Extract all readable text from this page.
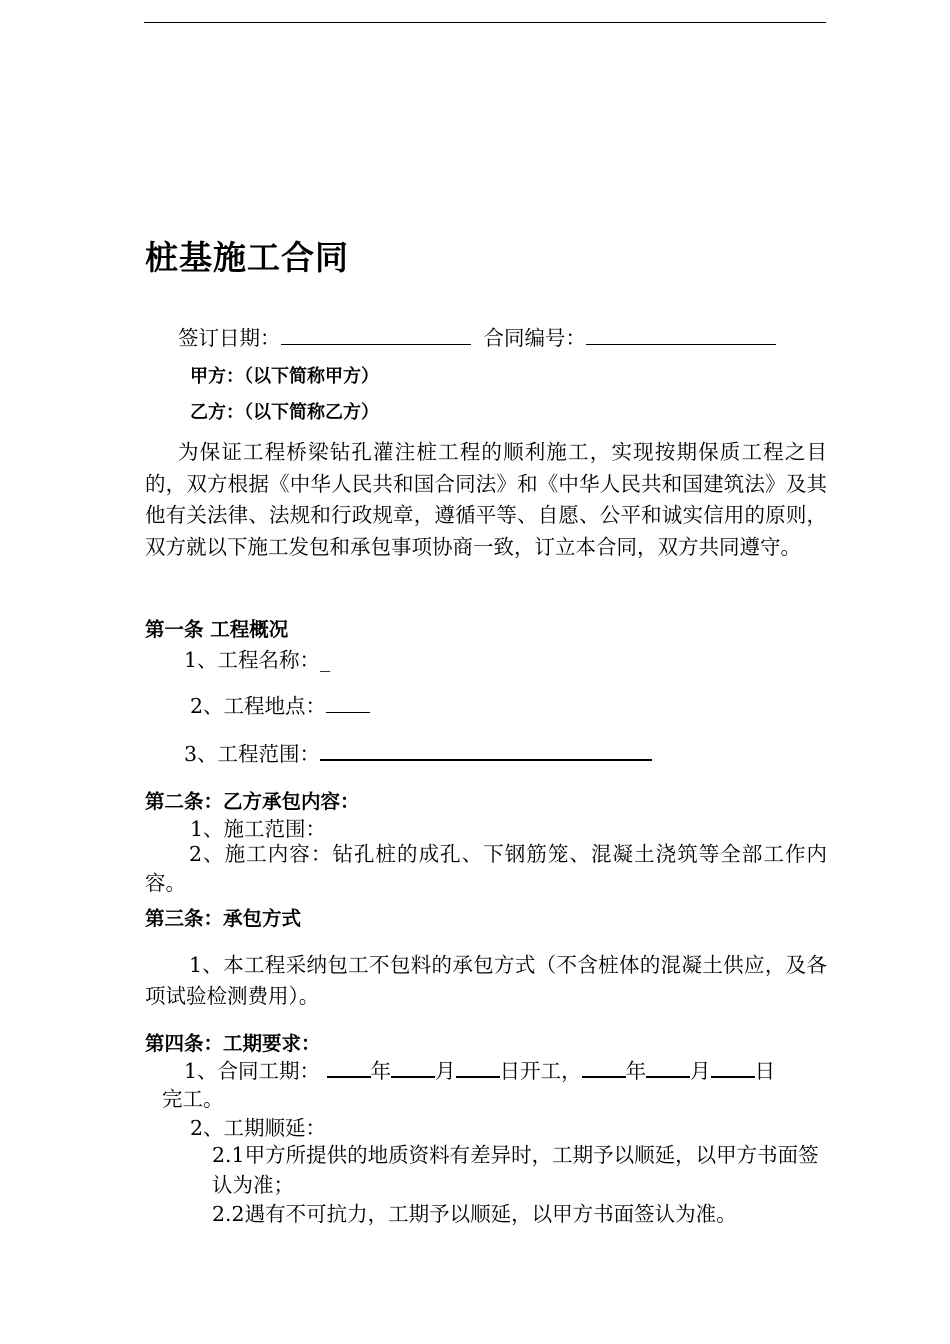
桩基施工合同
签订日期：	合同编号：
甲方：（以下简称甲方）
乙方：（以下简称乙方）
为保证工程桥梁钻孔灌注桩工程的顺利施工，实现按期保质工程之目的，双方根据《中华人民共和国合同法》和《中华人民共和国建筑法》及其他有关法律、法规和行政规章，遵循平等、自愿、公平和诚实信用的原则，双方就以下施工发包和承包事项协商一致，订立本合同，双方共同遵守。
第一条 工程概况
1、工程名称：_
2、工程地点：
3、工程范围：
第二条：乙方承包内容：
1、施工范围：
2、施工内容：钻孔桩的成孔、下钢筋笼、混凝土浇筑等全部工作内容。
第三条：承包方式
1、本工程采纳包工不包料的承包方式（不含桩体的混凝土供应，及各项试验检测费用）。
第四条：工期要求：
1、合同工期： 年 月 日开工， 年 月 日
完工。
2、工期顺延：
2.1甲方所提供的地质资料有差异时，工期予以顺延，以甲方书面签认为准；
2.2遇有不可抗力，工期予以顺延，以甲方书面签认为准。
